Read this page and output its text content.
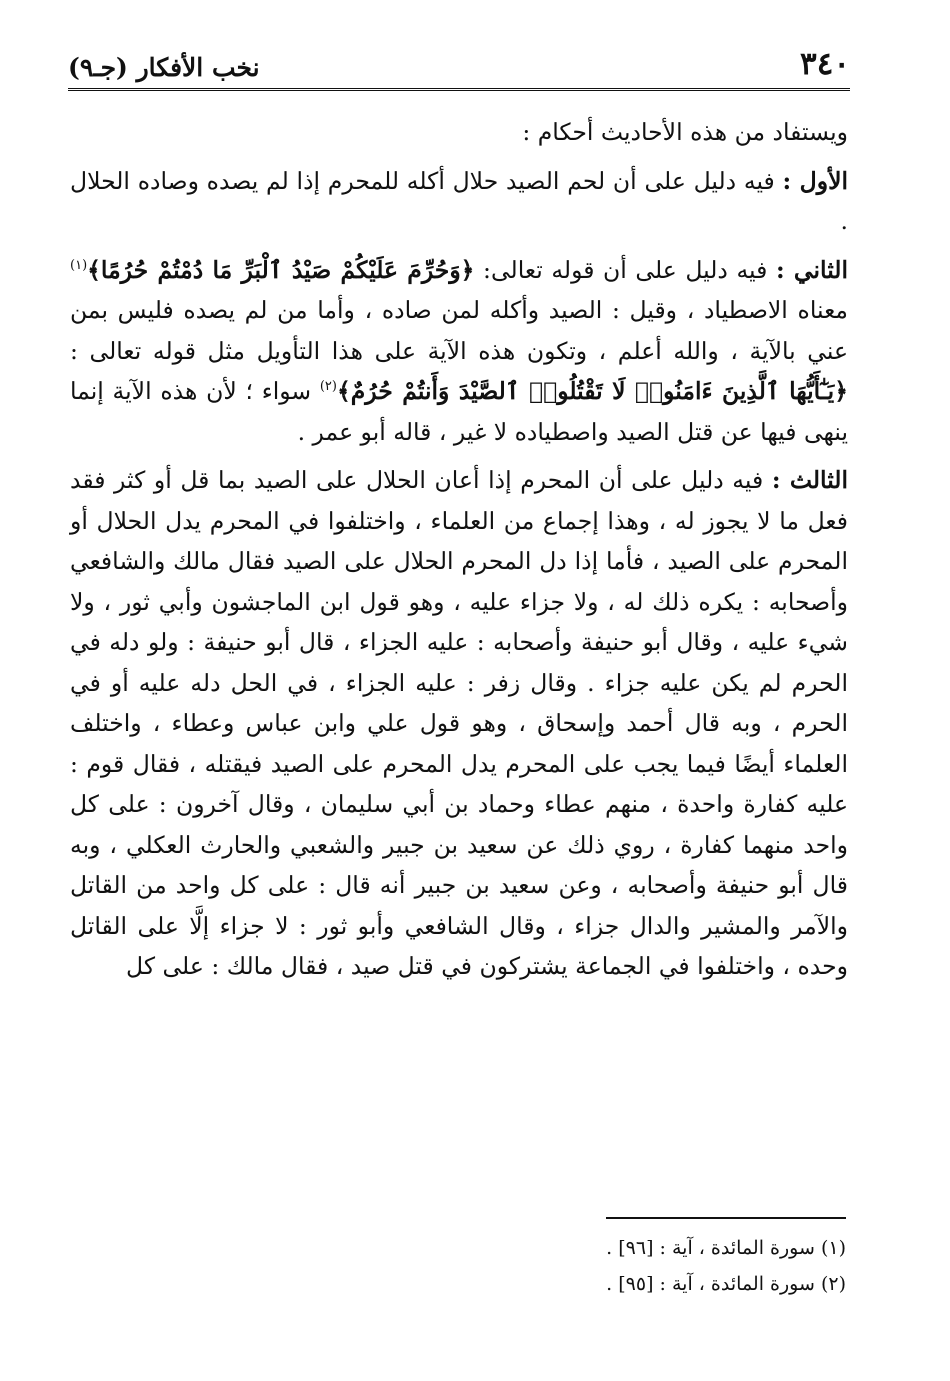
٣٤٠
نخب الأفكار (جـ٩)

ويستفاد من هذه الأحاديث أحكام :

الأول : فيه دليل على أن لحم الصيد حلال أكله للمحرم إذا لم يصده وصاده الحلال .

الثاني : فيه دليل على أن قوله تعالى: ﴿وَحُرِّمَ عَلَيْكُمْ صَيْدُ ٱلْبَرِّ مَا دُمْتُمْ حُرُمًا﴾$^{(١)}$ معناه الاصطياد ، وقيل : الصيد وأكله لمن صاده ، وأما من لم يصده فليس بمن عني بالآية ، والله أعلم ، وتكون هذه الآية على هذا التأويل مثل قوله تعالى : ﴿يَـٰٓأَيُّهَا ٱلَّذِينَ ءَامَنُوا۟ لَا تَقْتُلُوا۟ ٱلصَّيْدَ وَأَنتُمْ حُرُمٌ﴾$^{(٢)}$ سواء ؛ لأن هذه الآية إنما ينهى فيها عن قتل الصيد واصطياده لا غير ، قاله أبو عمر .

الثالث : فيه دليل على أن المحرم إذا أعان الحلال على الصيد بما قل أو كثر فقد فعل ما لا يجوز له ، وهذا إجماع من العلماء ، واختلفوا في المحرم يدل الحلال أو المحرم على الصيد ، فأما إذا دل المحرم الحلال على الصيد فقال مالك والشافعي وأصحابه : يكره ذلك له ، ولا جزاء عليه ، وهو قول ابن الماجشون وأبي ثور ، ولا شيء عليه ، وقال أبو حنيفة وأصحابه : عليه الجزاء ، قال أبو حنيفة : ولو دله في الحرم لم يكن عليه جزاء . وقال زفر : عليه الجزاء ، في الحل دله عليه أو في الحرم ، وبه قال أحمد وإسحاق ، وهو قول علي وابن عباس وعطاء ، واختلف العلماء أيضًا فيما يجب على المحرم يدل المحرم على الصيد فيقتله ، فقال قوم : عليه كفارة واحدة ، منهم عطاء وحماد بن أبي سليمان ، وقال آخرون : على كل واحد منهما كفارة ، روي ذلك عن سعيد بن جبير والشعبي والحارث العكلي ، وبه قال أبو حنيفة وأصحابه ، وعن سعيد بن جبير أنه قال : على كل واحد من القاتل والآمر والمشير والدال جزاء ، وقال الشافعي وأبو ثور : لا جزاء إلَّا على القاتل وحده ، واختلفوا في الجماعة يشتركون في قتل صيد ، فقال مالك : على كل

(١) سورة المائدة ، آية : [٩٦] .

(٢) سورة المائدة ، آية : [٩٥] .
